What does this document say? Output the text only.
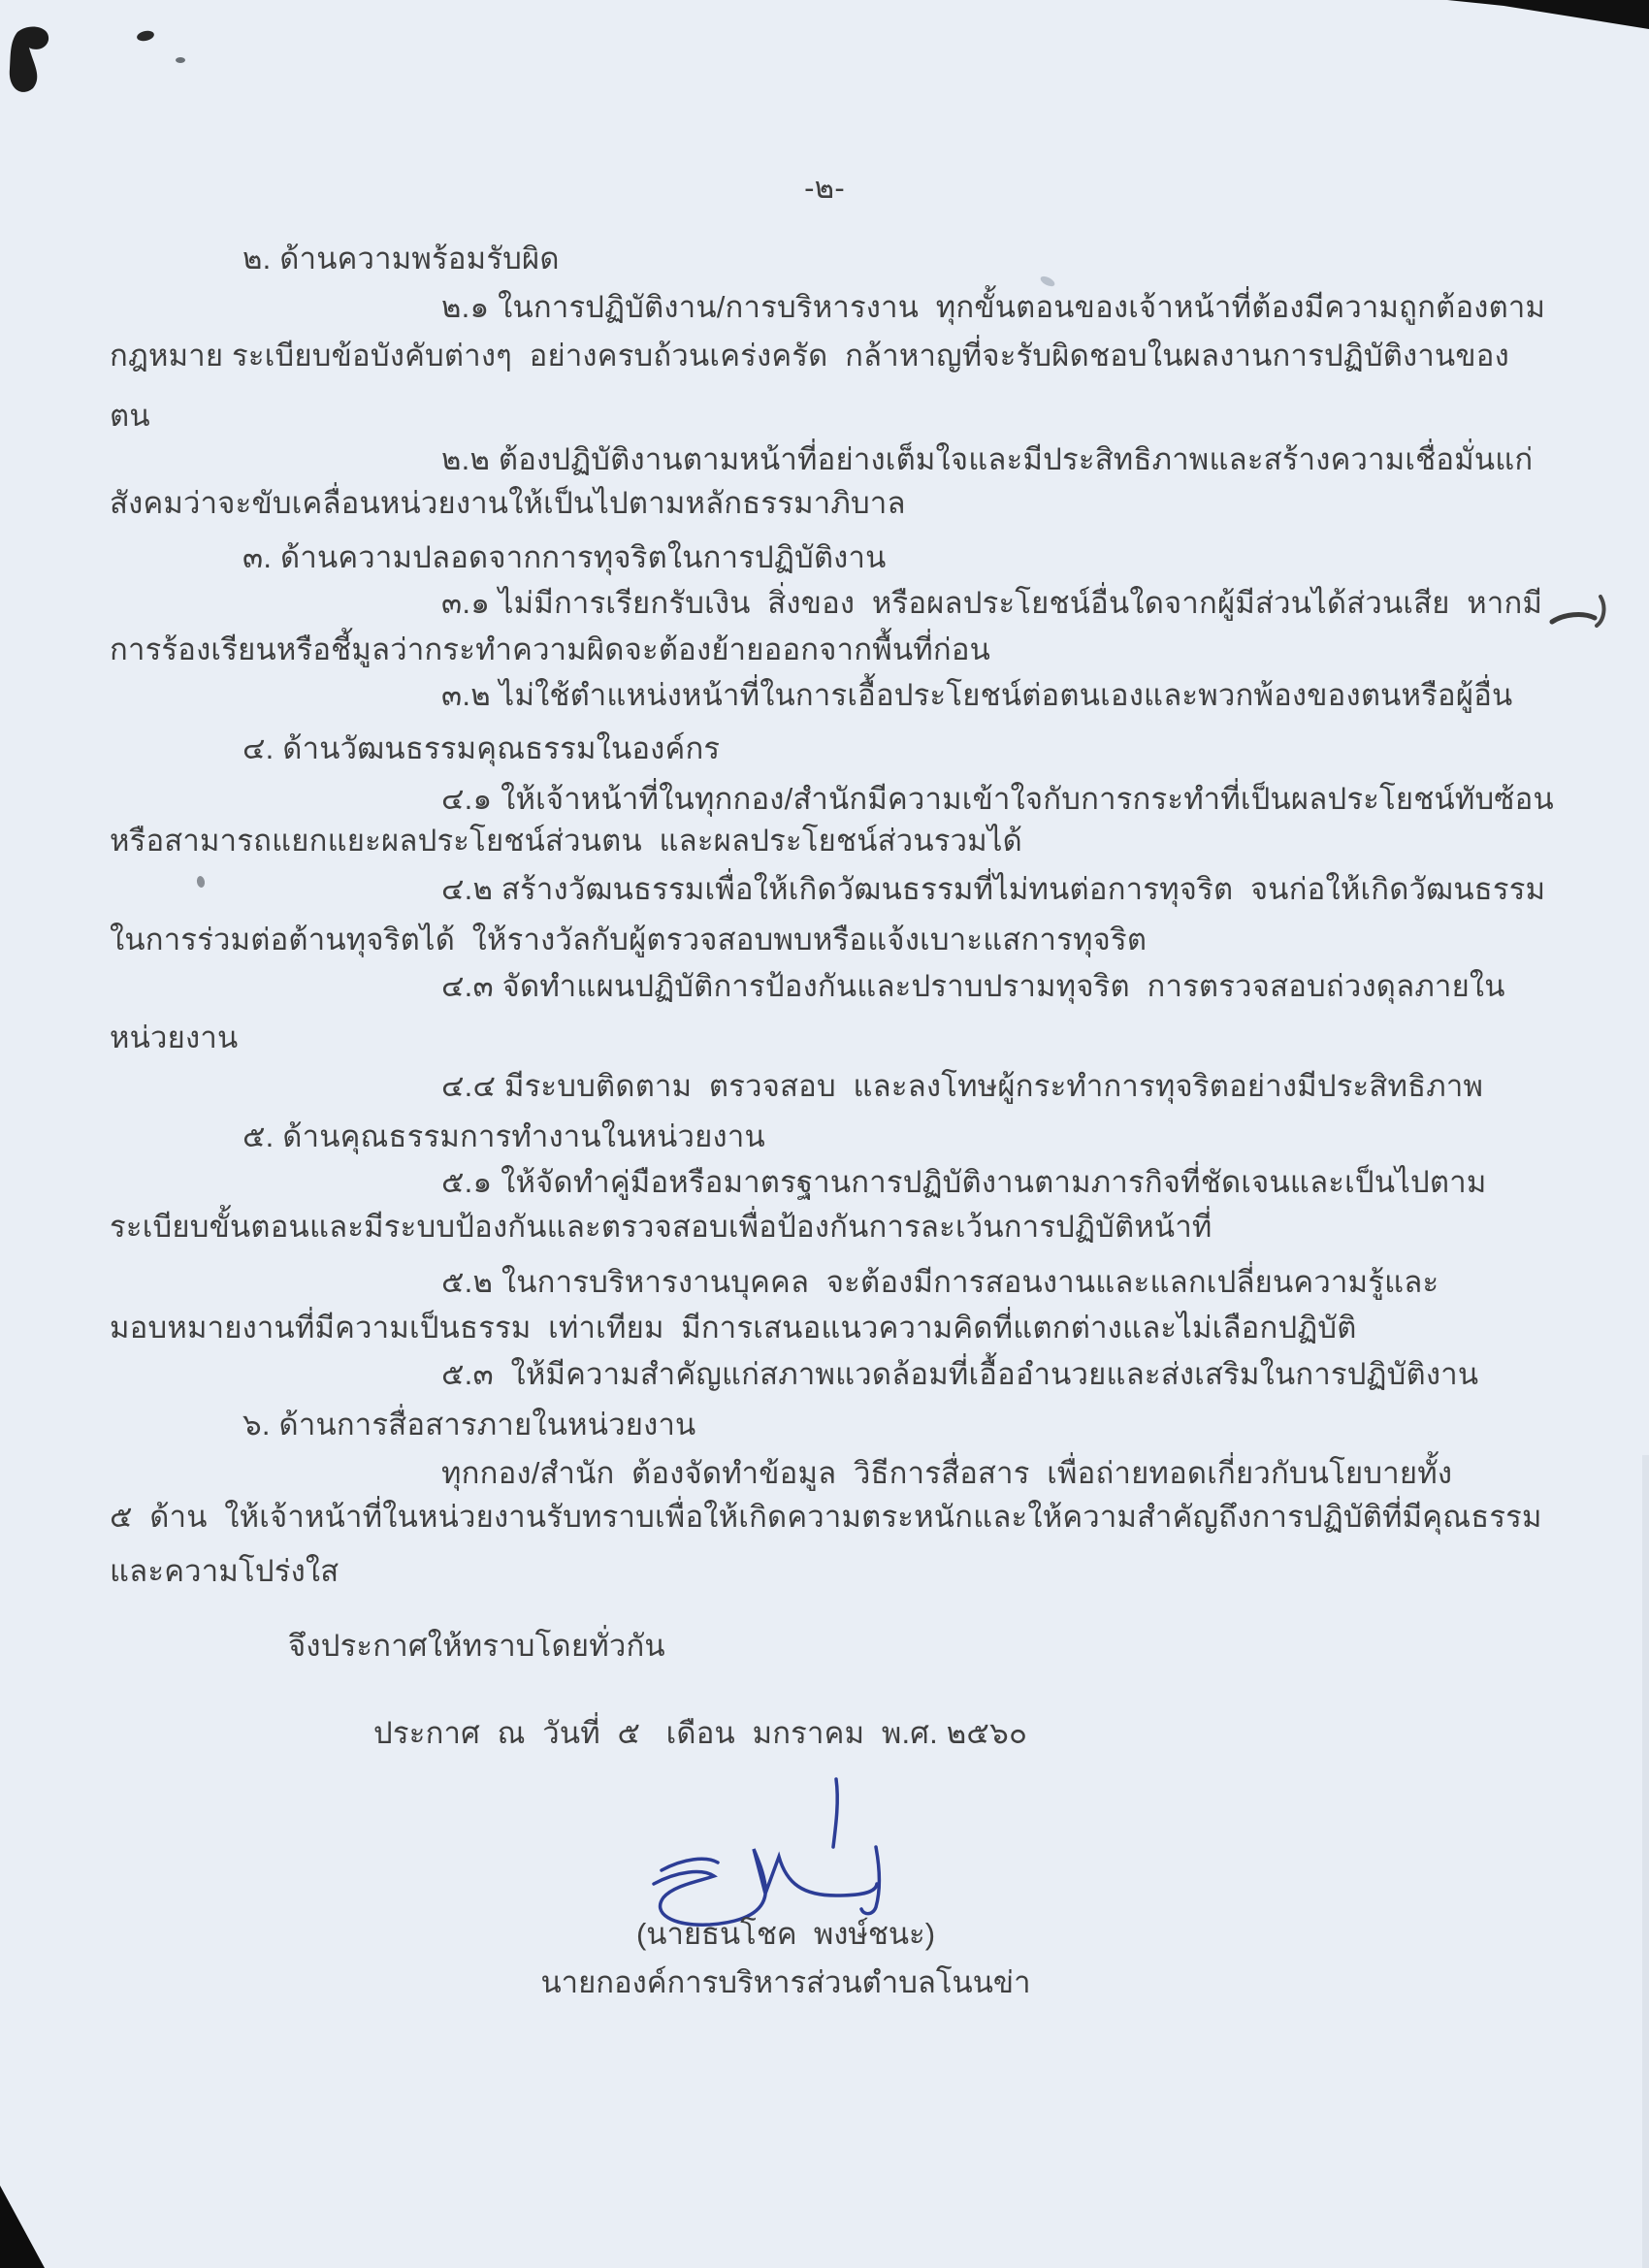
-๒-
๒. ด้านความพร้อมรับผิด
๒.๑ ในการปฏิบัติงาน/การบริหารงาน  ทุกขั้นตอนของเจ้าหน้าที่ต้องมีความถูกต้องตาม
กฎหมาย ระเบียบข้อบังคับต่างๆ  อย่างครบถ้วนเคร่งครัด  กล้าหาญที่จะรับผิดชอบในผลงานการปฏิบัติงานของ
ตน
๒.๒ ต้องปฏิบัติงานตามหน้าที่อย่างเต็มใจและมีประสิทธิภาพและสร้างความเชื่อมั่นแก่
สังคมว่าจะขับเคลื่อนหน่วยงานให้เป็นไปตามหลักธรรมาภิบาล
๓. ด้านความปลอดจากการทุจริตในการปฏิบัติงาน
๓.๑ ไม่มีการเรียกรับเงิน  สิ่งของ  หรือผลประโยชน์อื่นใดจากผู้มีส่วนได้ส่วนเสีย  หากมี
การร้องเรียนหรือชี้มูลว่ากระทำความผิดจะต้องย้ายออกจากพื้นที่ก่อน
๓.๒ ไม่ใช้ตำแหน่งหน้าที่ในการเอื้อประโยชน์ต่อตนเองและพวกพ้องของตนหรือผู้อื่น
๔. ด้านวัฒนธรรมคุณธรรมในองค์กร
๔.๑ ให้เจ้าหน้าที่ในทุกกอง/สำนักมีความเข้าใจกับการกระทำที่เป็นผลประโยชน์ทับซ้อน
หรือสามารถแยกแยะผลประโยชน์ส่วนตน  และผลประโยชน์ส่วนรวมได้
๔.๒ สร้างวัฒนธรรมเพื่อให้เกิดวัฒนธรรมที่ไม่ทนต่อการทุจริต  จนก่อให้เกิดวัฒนธรรม
ในการร่วมต่อต้านทุจริตได้  ให้รางวัลกับผู้ตรวจสอบพบหรือแจ้งเบาะแสการทุจริต
๔.๓ จัดทำแผนปฏิบัติการป้องกันและปราบปรามทุจริต  การตรวจสอบถ่วงดุลภายใน
หน่วยงาน
๔.๔ มีระบบติดตาม  ตรวจสอบ  และลงโทษผู้กระทำการทุจริตอย่างมีประสิทธิภาพ
๕. ด้านคุณธรรมการทำงานในหน่วยงาน
๕.๑ ให้จัดทำคู่มือหรือมาตรฐานการปฏิบัติงานตามภารกิจที่ชัดเจนและเป็นไปตาม
ระเบียบขั้นตอนและมีระบบป้องกันและตรวจสอบเพื่อป้องกันการละเว้นการปฏิบัติหน้าที่
๕.๒ ในการบริหารงานบุคคล  จะต้องมีการสอนงานและแลกเปลี่ยนความรู้และ
มอบหมายงานที่มีความเป็นธรรม  เท่าเทียม  มีการเสนอแนวความคิดที่แตกต่างและไม่เลือกปฏิบัติ
๕.๓  ให้มีความสำคัญแก่สภาพแวดล้อมที่เอื้ออำนวยและส่งเสริมในการปฏิบัติงาน
๖. ด้านการสื่อสารภายในหน่วยงาน
ทุกกอง/สำนัก  ต้องจัดทำข้อมูล  วิธีการสื่อสาร  เพื่อถ่ายทอดเกี่ยวกับนโยบายทั้ง
๕  ด้าน  ให้เจ้าหน้าที่ในหน่วยงานรับทราบเพื่อให้เกิดความตระหนักและให้ความสำคัญถึงการปฏิบัติที่มีคุณธรรม
และความโปร่งใส
จึงประกาศให้ทราบโดยทั่วกัน
ประกาศ  ณ  วันที่  ๕   เดือน  มกราคม  พ.ศ. ๒๕๖๐
(นายธนโชค  พงษ์ชนะ)
นายกองค์การบริหารส่วนตำบลโนนข่า
